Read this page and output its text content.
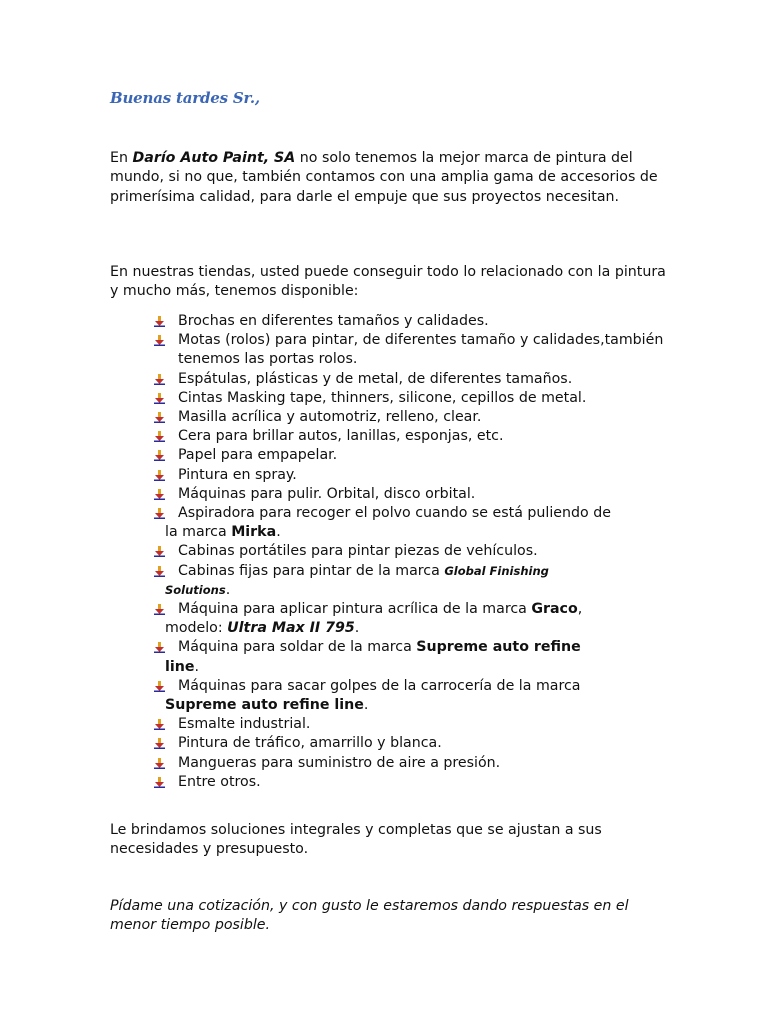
Buenas tardes Sr.,
En Darío Auto Paint, SA no solo tenemos la mejor marca de pintura del mundo, si no que, también contamos con una amplia gama de accesorios de primerísima calidad, para darle el empuje que sus proyectos necesitan.
En nuestras tiendas, usted puede conseguir todo lo relacionado con la pintura y mucho más, tenemos disponible:
Brochas en diferentes tamaños y calidades.
Motas (rolos) para pintar, de diferentes tamaño y calidades,también tenemos las portas rolos.
Espátulas, plásticas y de metal, de diferentes tamaños.
Cintas Masking tape, thinners, silicone, cepillos de metal.
Masilla acrílica y automotriz, relleno, clear.
Cera para brillar autos, lanillas, esponjas, etc.
Papel para empapelar.
Pintura en spray.
Máquinas para pulir. Orbital, disco orbital.
Aspiradora para recoger el polvo cuando se está puliendo de
la marca Mirka.
Cabinas portátiles para pintar piezas de vehículos.
Cabinas fijas para pintar de la marca Global Finishing
Solutions.
Máquina para aplicar pintura acrílica de la marca Graco,
modelo: Ultra Max II 795.
Máquina para soldar de la marca Supreme auto refine
line.
Máquinas para sacar golpes de la carrocería de la marca
Supreme auto refine line.
Esmalte industrial.
Pintura de tráfico, amarrillo y blanca.
Mangueras para suministro de aire a presión.
Entre otros.
Le brindamos soluciones integrales y completas que se ajustan a sus necesidades y presupuesto.
Pídame una cotización, y con gusto le estaremos dando respuestas en el menor tiempo posible.
